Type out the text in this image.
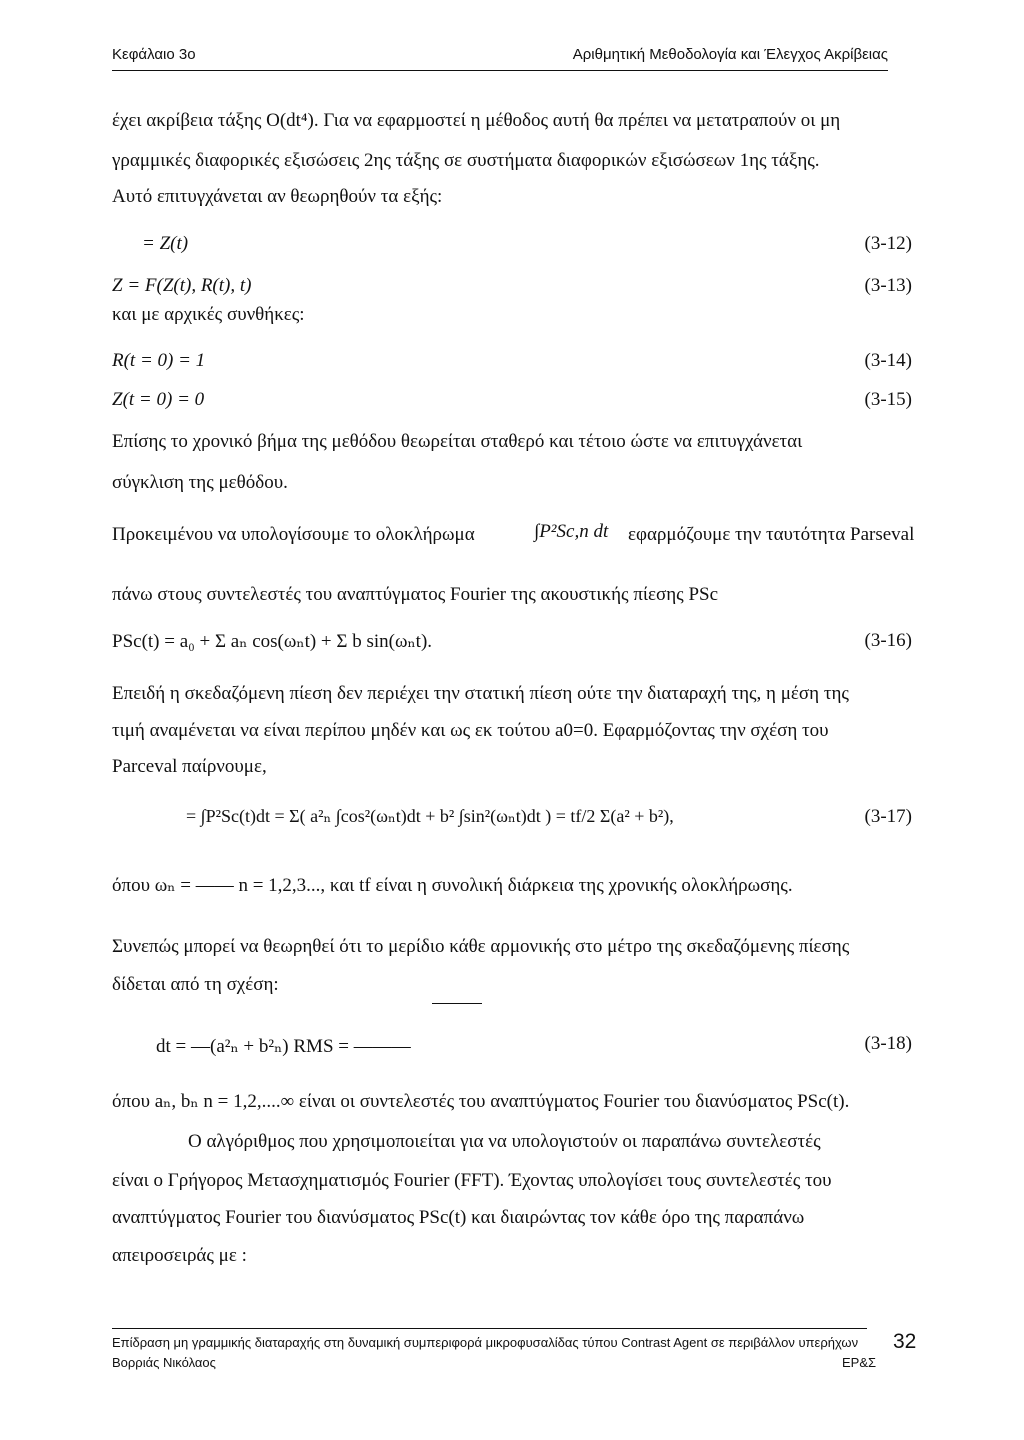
Κεφάλαιο 3ο	Αριθμητική Μεθοδολογία και Έλεγχος Ακρίβειας
έχει ακρίβεια τάξης O(dt⁴). Για να εφαρμοστεί η μέθοδος αυτή θα πρέπει να μετατραπούν οι μη
γραμμικές διαφορικές εξισώσεις 2ης τάξης σε συστήματα διαφορικών εξισώσεων 1ης τάξης.
Αυτό επιτυγχάνεται αν θεωρηθούν τα εξής:
= Z(t)	(3-12)
Z = F(Z(t), R(t), t)	(3-13)
και με αρχικές συνθήκες:
R(t = 0) = 1	(3-14)
Z(t = 0) = 0	(3-15)
Επίσης το χρονικό βήμα της μεθόδου θεωρείται σταθερό και τέτοιο ώστε να επιτυγχάνεται
σύγκλιση της μεθόδου.
Προκειμένου να υπολογίσουμε το ολοκλήρωμα	∫P²Sc,n dt εφαρμόζουμε την ταυτότητα Parseval
πάνω στους συντελεστές του αναπτύγματος Fourier της ακουστικής πίεσης PSc
PSc(t) = a₀ + Σ aₙ cos(ωₙt) + Σ b sin(ωₙt).	(3-16)
Επειδή η σκεδαζόμενη πίεση δεν περιέχει την στατική πίεση ούτε την διαταραχή της, η μέση της
τιμή αναμένεται να είναι περίπου μηδέν και ως εκ τούτου a0=0. Εφαρμόζοντας την σχέση του
Parceval παίρνουμε,
= ∫P²Sc(t)dt = Σ( a²ₙ ∫cos²(ωₙt)dt + b² ∫sin²(ωₙt)dt ) = tf/2 Σ(a² + b²),	(3-17)
όπου ωₙ = —— n = 1,2,3..., και tf είναι η συνολική διάρκεια της χρονικής ολοκλήρωσης.
Συνεπώς μπορεί να θεωρηθεί ότι το μερίδιο κάθε αρμονικής στο μέτρο της σκεδαζόμενης πίεσης
δίδεται από τη σχέση:
dt = —(a²ₙ + b²ₙ) RMS = ———	(3-18)
όπου aₙ, bₙ n = 1,2,....∞ είναι οι συντελεστές του αναπτύγματος Fourier του διανύσματος PSc(t).
Ο αλγόριθμος που χρησιμοποιείται για να υπολογιστούν οι παραπάνω συντελεστές
είναι ο Γρήγορος Μετασχηματισμός Fourier (FFT). Έχοντας υπολογίσει τους συντελεστές του
αναπτύγματος Fourier του διανύσματος PSc(t) και διαιρώντας τον κάθε όρο της παραπάνω
απειροσειράς με :
Επίδραση μη γραμμικής διαταραχής στη δυναμική συμπεριφορά μικροφυσαλίδας τύπου Contrast Agent σε περιβάλλον υπερήχων
Βορριάς Νικόλαος	ΕΡ&Σ
32
